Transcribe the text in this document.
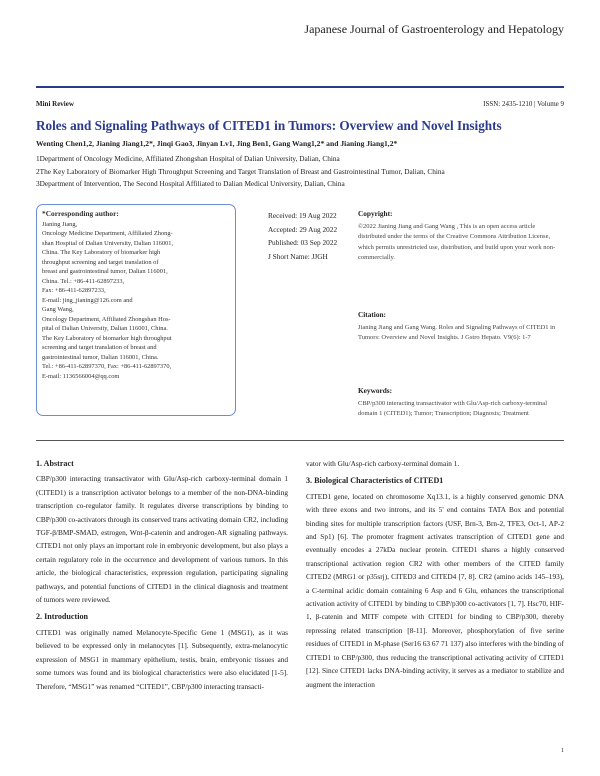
Japanese Journal of Gastroenterology and Hepatology
Mini Review	ISSN: 2435-1210 | Volume 9
Roles and Signaling Pathways of CITED1 in Tumors: Overview and Novel Insights
Wenting Chen1,2, Jianing Jiang1,2*, Jinqi Gao3, Jinyan Lv1, Jing Ben1, Gang Wang1,2* and Jianing Jiang1,2*
1Department of Oncology Medicine, Affiliated Zhongshan Hospital of Dalian University, Dalian, China
2The Key Laboratory of Biomarker High Throughput Screening and Target Translation of Breast and Gastrointestinal Tumor, Dalian, China
3Department of Intervention, The Second Hospital Affiliated to Dalian Medical University, Dalian, China
*Corresponding author:
Jianing Jiang,
Oncology Medicine Department, Affiliated Zhong-
shan Hospital of Dalian University, Dalian 116001,
China. The Key Laboratory of biomarker high
throughput screening and target translation of
breast and gastrointestinal tumor, Dalian 116001,
China. Tel.: +86-411-62897233,
Fax: +86-411-62897233,
E-mail: jing_jianing@126.com and
Gang Wang,
Oncology Department, Affiliated Zhongshan Hos-
pital of Dalian University, Dalian 116001, China.
The Key Laboratory of biomarker high throughput
screening and target translation of breast and
gastrointestinal tumor, Dalian 116001, China.
Tel.: +86-411-62897370, Fax: +86-411-62897370,
E-mail: 1136566004@qq.com
Received: 19 Aug 2022
Accepted: 29 Aug 2022
Published: 03 Sep 2022
J Short Name: JJGH
Copyright:
©2022 Jianing Jiang and Gang Wang , This is an open access article distributed under the terms of the Creative Commons Attribution License, which permits unrestricted use, distribution, and build upon your work non-commercially.
Citation:
Jianing Jiang and Gang Wang. Roles and Signaling Pathways of CITED1 in Tumors: Overview and Novel Insights. J Gstro Hepato. V9(6): 1-7
Keywords:
CBP/p300 interacting transactivator with Glu/Asp-rich carboxy-terminal domain 1 (CITED1); Tumor; Transcription; Diagnosis; Treatment
1. Abstract

CBP/p300 interacting transactivator with Glu/Asp-rich carboxy-terminal domain 1 (CITED1) is a transcription activator belongs to a member of the non-DNA-binding transcription co-regulator family. It regulates diverse transcriptions by binding to CBP/p300 co-activators through its conserved trans activating domain CR2, including TGF-β/BMP-SMAD, estrogen, Wnt-β-catenin and androgen-AR signaling pathways. CITED1 not only plays an important role in embryonic development, but also plays a certain regulatory role in the occurrence and development of various tumors. In this article, the biological characteristics, expression regulation, participating signaling pathways, and potential functions of CITED1 in the clinical diagnosis and treatment of tumors were reviewed.

2. Introduction

CITED1 was originally named Melanocyte-Specific Gene 1 (MSG1), as it was believed to be expressed only in melanocytes [1]. Subsequently, extra-melanocytic expression of MSG1 in mammary epithelium, testis, brain, embryonic tissues and some tumors was found and its biological characteristics were also elucidated [1-5]. Therefore, “MSG1” was renamed “CITED1”, CBP/p300 interacting transacti-

vator with Glu/Asp-rich carboxy-terminal domain 1.

3. Biological Characteristics of CITED1

CITED1 gene, located on chromosome Xq13.1, is a highly conserved genomic DNA with three exons and two introns, and its 5' end contains TATA Box and potential binding sites for multiple transcription factors (USF, Brn-3, Brn-2, TFE3, Oct-1, AP-2 and Sp1) [6]. The promoter fragment activates transcription of CITED1 gene and eventually encodes a 27kDa nuclear protein. CITED1 shares a highly conserved transcriptional activation region CR2 with other members of the CITED family CITED2 (MRG1 or p35srj), CITED3 and CITED4 [7, 8]. CR2 (amino acids 145–193), a C-terminal acidic domain containing 6 Asp and 6 Glu, enhances the transcriptional activation activity of CITED1 by binding to CBP/p300 co-activators [1, 7]. Hsc70, HIF-1, β-catenin and MITF compete with CITED1 for binding to CBP/p300, thereby repressing related transcription [8-11]. Moreover, phosphorylation of five serine residues of CITED1 in M-phase (Ser16 63 67 71 137) also interferes with the binding of CITED1 to CBP/p300, thus reducing the transcriptional activating activity of CITED1 [12]. Since CITED1 lacks DNA-binding activity, it serves as a mediator to stabilize and augment the interaction

1
